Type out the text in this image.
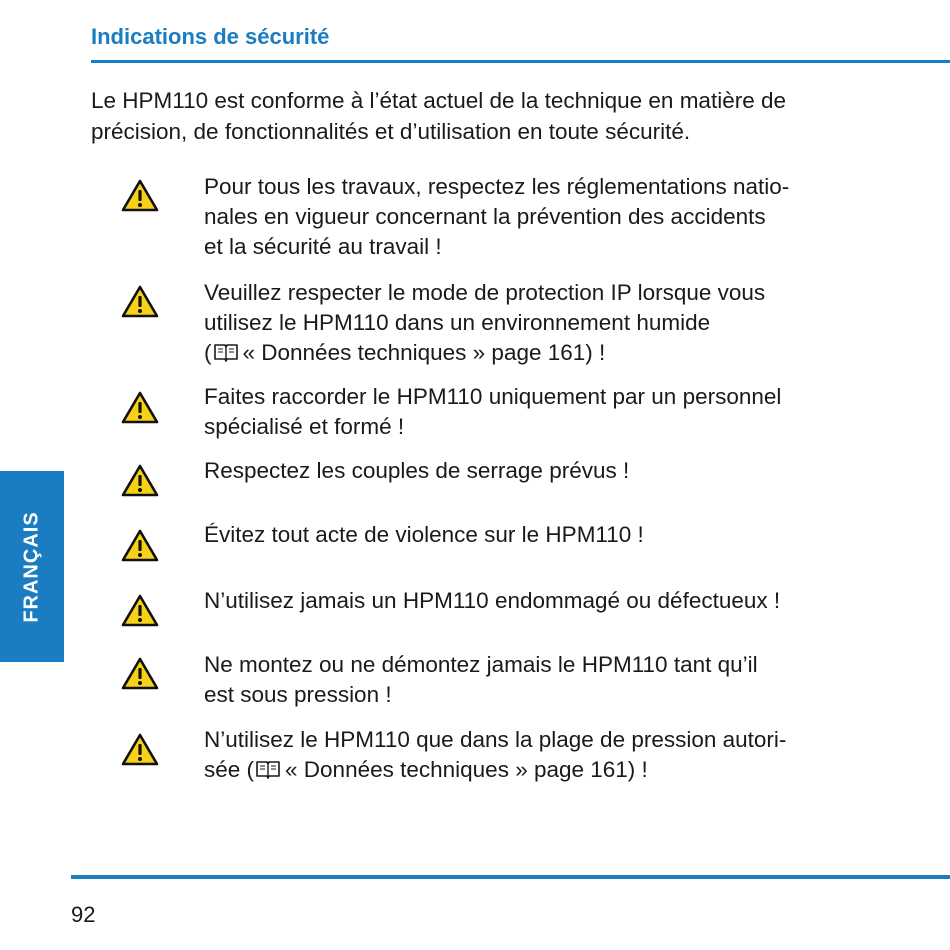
Indications de sécurité
Le HPM110 est conforme à l’état actuel de la technique en matière de
précision, de fonctionnalités et d’utilisation en toute sécurité.
Pour tous les travaux, respectez les réglementations natio-
nales en vigueur concernant la prévention des accidents
et la sécurité au travail !
Veuillez respecter le mode de protection IP lorsque vous
utilisez le HPM110 dans un environnement humide
( « Données techniques » page 161) !
Faites raccorder le HPM110 uniquement par un personnel
spécialisé et formé !
Respectez les couples de serrage prévus !
Évitez tout acte de violence sur le HPM110 !
N’utilisez jamais un HPM110 endommagé ou défectueux !
Ne montez ou ne démontez jamais le HPM110 tant qu’il
est sous pression !
N’utilisez le HPM110 que dans la plage de pression autori-
sée ( « Données techniques » page 161) !
FRANÇAIS
92
